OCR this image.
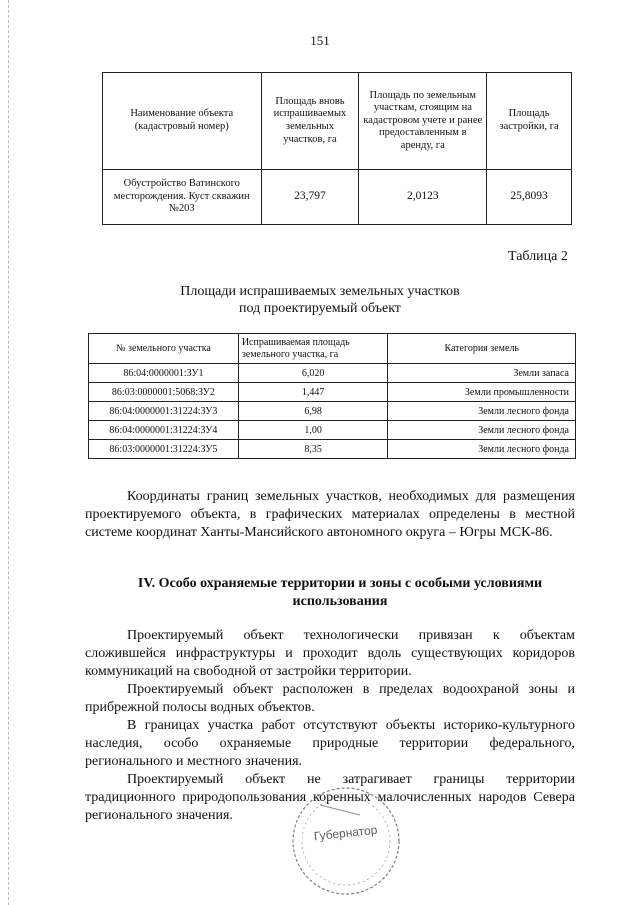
151
Наименование объекта (кадастровый номер)	Площадь вновь испрашиваемых земельных участков, га	Площадь по земельным участкам, стоящим на кадастровом учете и ранее предоставленным в аренду, га	Площадь застройки, га
Обустройство Ватинского месторождения. Куст скважин №203	23,797	2,0123	25,8093
Таблица 2
Площади испрашиваемых земельных участков
под проектируемый объект
№ земельного участка	Испрашиваемая площадь земельного участка, га	Категория земель
86:04:0000001:ЗУ1	6,020	Земли запаса
86:03:0000001:5068:ЗУ2	1,447	Земли промышленности
86:04:0000001:31224:ЗУ3	6,98	Земли лесного фонда
86:04:0000001:31224:ЗУ4	1,00	Земли лесного фонда
86:03:0000001:31224:ЗУ5	8,35	Земли лесного фонда

Координаты границ земельных участков, необходимых для размещения проектируемого объекта, в графических материалах определены в местной системе координат Ханты-Мансийского автономного округа – Югры МСК-86.

IV. Особо охраняемые территории и зоны с особыми условиями использования

Проектируемый объект технологически привязан к объектам сложившейся инфраструктуры и проходит вдоль существующих коридоров коммуникаций на свободной от застройки территории.

Проектируемый объект расположен в пределах водоохраной зоны и прибрежной полосы водных объектов.

В границах участка работ отсутствуют объекты историко-культурного наследия, особо охраняемые природные территории федерального, регионального и местного значения.

Проектируемый объект не затрагивает границы территории традиционного природопользования коренных малочисленных народов Севера регионального значения.

Губернатор
